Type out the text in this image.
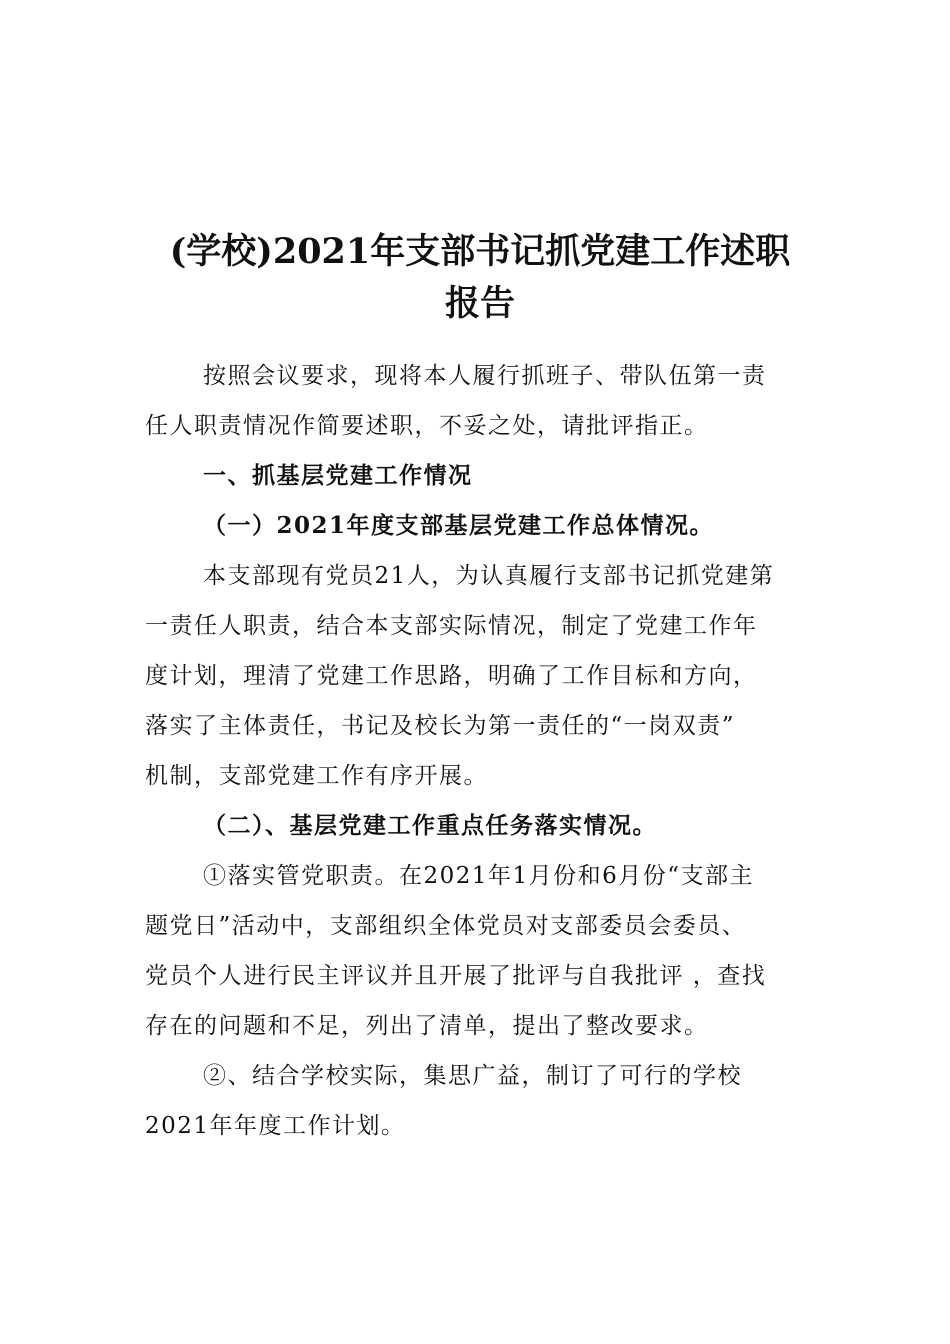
(学校)2021年支部书记抓党建工作述职
报告
按照会议要求，现将本人履行抓班子、带队伍第一责
任人职责情况作简要述职，不妥之处，请批评指正。
一、抓基层党建工作情况
（一）2021年度支部基层党建工作总体情况。
本支部现有党员21人，为认真履行支部书记抓党建第
一责任人职责，结合本支部实际情况，制定了党建工作年
度计划，理清了党建工作思路，明确了工作目标和方向，
落实了主体责任，书记及校长为第一责任的“一岗双责”
机制，支部党建工作有序开展。
（二）、基层党建工作重点任务落实情况。
①落实管党职责。在2021年1月份和6月份“支部主
题党日”活动中，支部组织全体党员对支部委员会委员、
党员个人进行民主评议并且开展了批评与自我批评 ，查找
存在的问题和不足，列出了清单，提出了整改要求。
②、结合学校实际，集思广益，制订了可行的学校
2021年年度工作计划。
